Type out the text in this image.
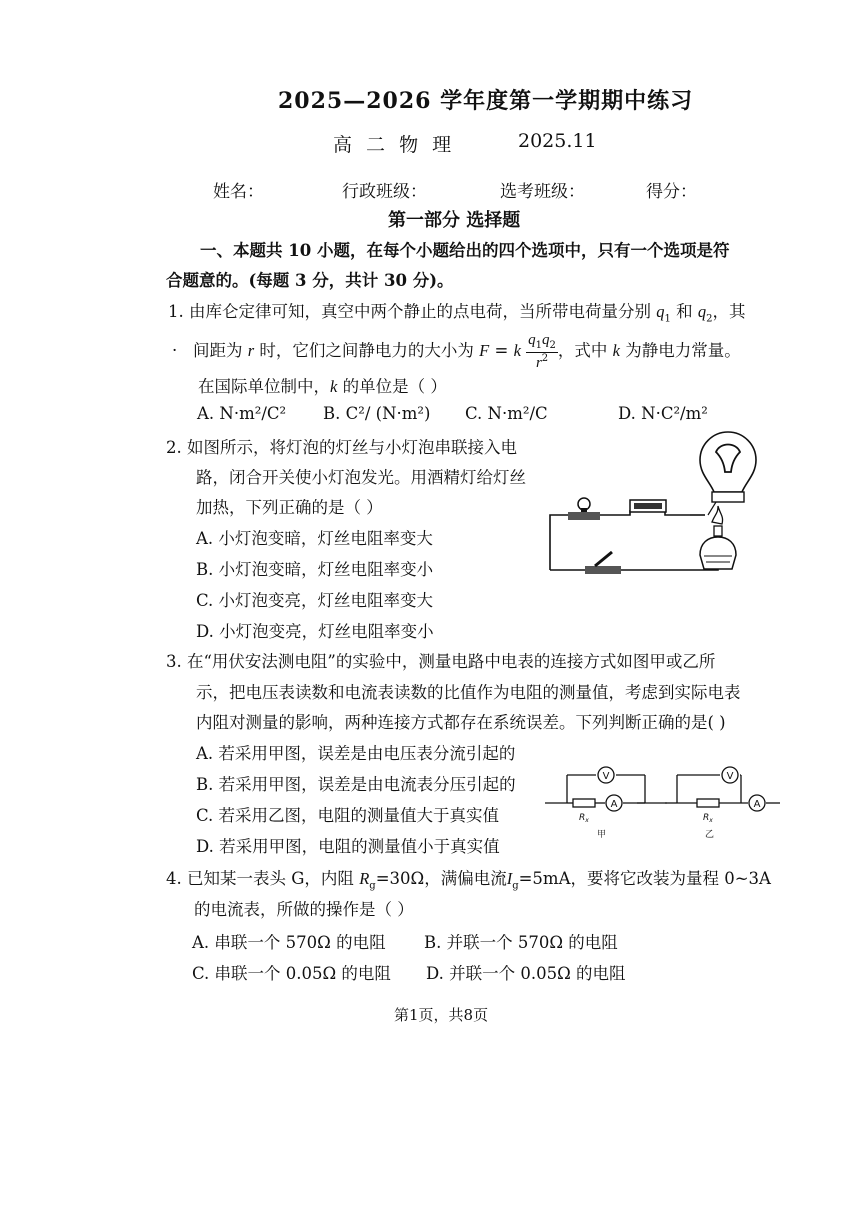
2025—2026 学年度第一学期期中练习
高 二 物 理	2025.11
姓名：	行政班级：	选考班级：	得分：
第一部分 选择题
一、本题共 10 小题，在每个小题给出的四个选项中，只有一个选项是符
合题意的。(每题 3 分，共计 30 分)。
1. 由库仑定律可知，真空中两个静止的点电荷，当所带电荷量分别 $q_1$ 和 $q_2$，其
·   间距为 r 时，它们之间静电力的大小为 F = k $\frac{q_1q_2}{r^2}$ ，式中 k 为静电力常量。
在国际单位制中，k 的单位是（ ）
A. N·m²/C² B. C²/ (N·m²) C. N·m²/C	D. N·C²/m²
2. 如图所示，将灯泡的灯丝与小灯泡串联接入电
路，闭合开关使小灯泡发光。用酒精灯给灯丝
加热，下列正确的是（ ）
A. 小灯泡变暗，灯丝电阻率变大
B. 小灯泡变暗，灯丝电阻率变小
C. 小灯泡变亮，灯丝电阻率变大
D. 小灯泡变亮，灯丝电阻率变小
3. 在“用伏安法测电阻”的实验中，测量电路中电表的连接方式如图甲或乙所
示，把电压表读数和电流表读数的比值作为电阻的测量值，考虑到实际电表
内阻对测量的影响，两种连接方式都存在系统误差。下列判断正确的是( )
A. 若采用甲图，误差是由电压表分流引起的
B. 若采用甲图，误差是由电流表分压引起的
C. 若采用乙图，电阻的测量值大于真实值
D. 若采用甲图，电阻的测量值小于真实值
V
A
V
A
$R_x$	$R_x$
甲	乙
4. 已知某一表头 G，内阻 $R_g=30\Omega$，满偏电流$I_g=5mA$，要将它改装为量程 0~3A
的电流表，所做的操作是（ ）
A. 串联一个 570Ω 的电阻 B. 并联一个 570Ω 的电阻
C. 串联一个 0.05Ω 的电阻 D. 并联一个 0.05Ω 的电阻
第1页，共8页
